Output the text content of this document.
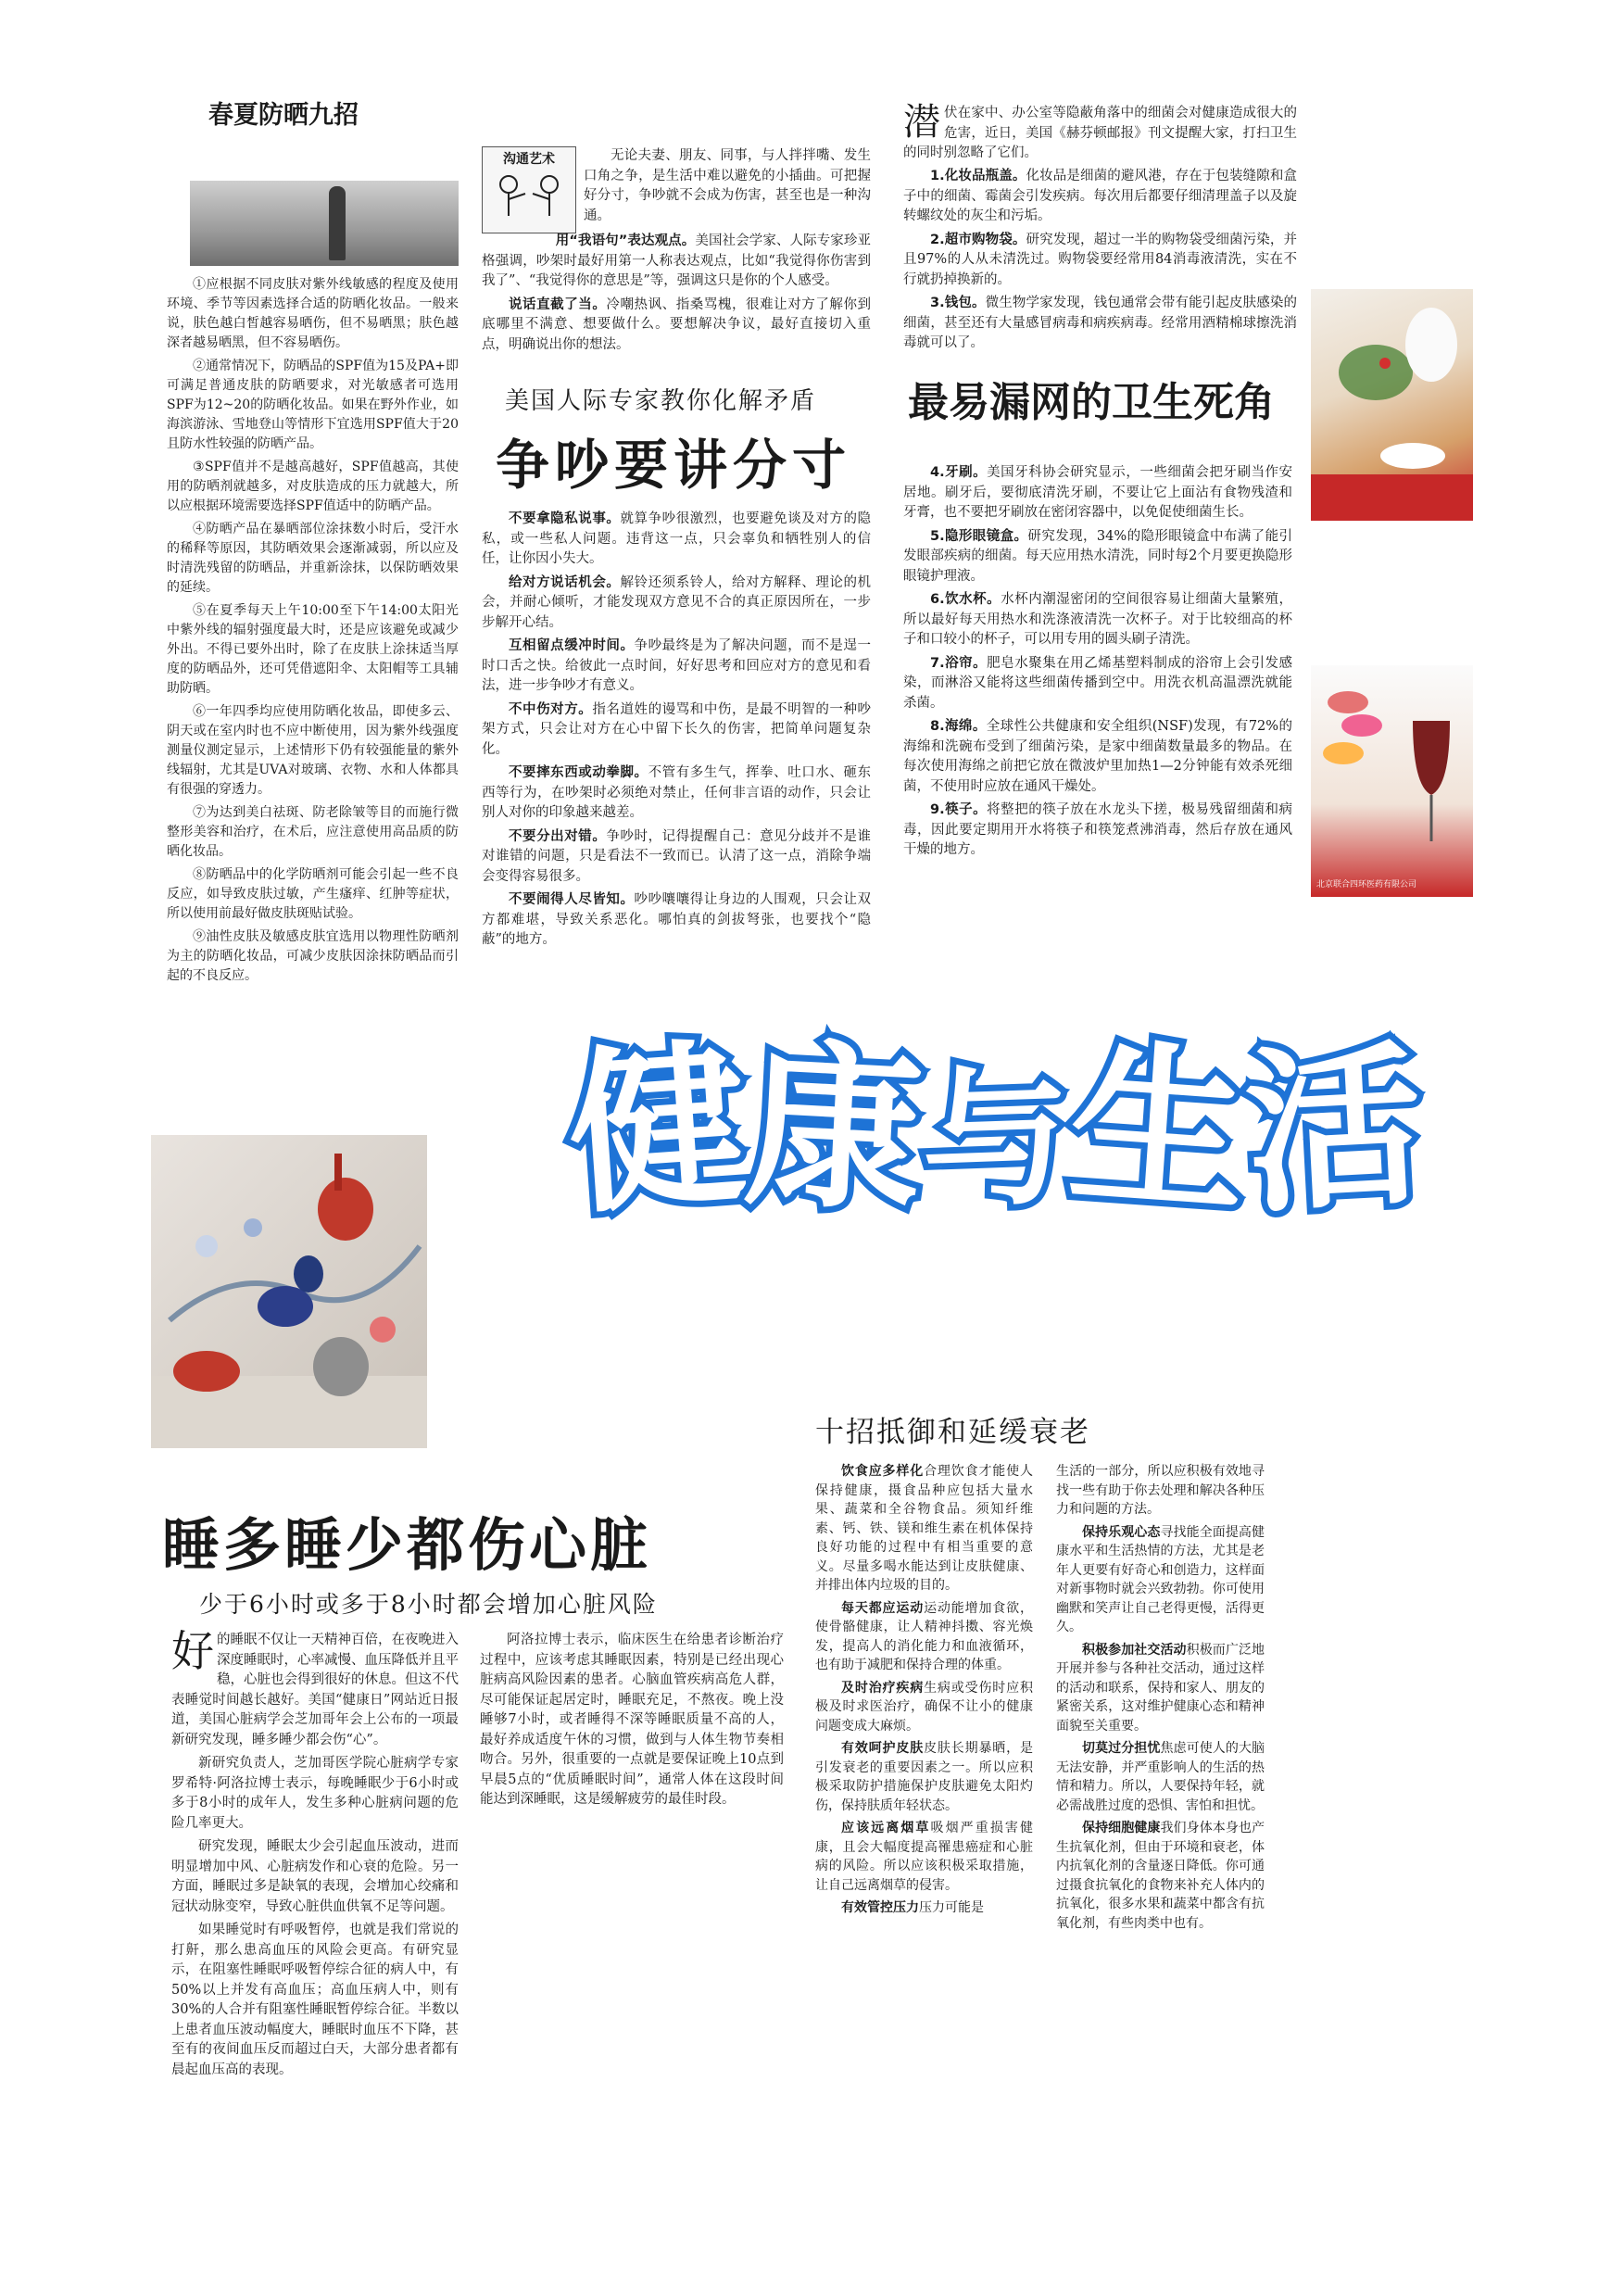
春夏防晒九招

①应根据不同皮肤对紫外线敏感的程度及使用环境、季节等因素选择合适的防晒化妆品。一般来说，肤色越白皙越容易晒伤，但不易晒黑；肤色越深者越易晒黑，但不容易晒伤。

②通常情况下，防晒品的SPF值为15及PA+即可满足普通皮肤的防晒要求，对光敏感者可选用SPF为12~20的防晒化妆品。如果在野外作业，如海滨游泳、雪地登山等情形下宜选用SPF值大于20且防水性较强的防晒产品。

③SPF值并不是越高越好，SPF值越高，其使用的防晒剂就越多，对皮肤造成的压力就越大，所以应根据环境需要选择SPF值适中的防晒产品。

④防晒产品在暴晒部位涂抹数小时后，受汗水的稀释等原因，其防晒效果会逐渐减弱，所以应及时清洗残留的防晒品，并重新涂抹，以保防晒效果的延续。

⑤在夏季每天上午10:00至下午14:00太阳光中紫外线的辐射强度最大时，还是应该避免或减少外出。不得已要外出时，除了在皮肤上涂抹适当厚度的防晒品外，还可凭借遮阳伞、太阳帽等工具辅助防晒。

⑥一年四季均应使用防晒化妆品，即使多云、阴天或在室内时也不应中断使用，因为紫外线强度测量仪测定显示，上述情形下仍有较强能量的紫外线辐射，尤其是UVA对玻璃、衣物、水和人体都具有很强的穿透力。

⑦为达到美白祛斑、防老除皱等目的而施行微整形美容和治疗，在术后，应注意使用高品质的防晒化妆品。

⑧防晒品中的化学防晒剂可能会引起一些不良反应，如导致皮肤过敏，产生瘙痒、红肿等症状，所以使用前最好做皮肤斑贴试验。

⑨油性皮肤及敏感皮肤宜选用以物理性防晒剂为主的防晒化妆品，可减少皮肤因涂抹防晒品而引起的不良反应。

沟通艺术	无论夫妻、朋友、同事，与人拌拌嘴、发生口角之争，是生活中难以避免的小插曲。可把握好分寸，争吵就不会成为伤害，甚至也是一种沟通。

用“我语句”表达观点。美国社会学家、人际专家珍亚格强调，吵架时最好用第一人称表达观点，比如“我觉得你伤害到我了”、“我觉得你的意思是”等，强调这只是你的个人感受。

说话直截了当。冷嘲热讽、指桑骂槐，很难让对方了解你到底哪里不满意、想要做什么。要想解决争议，最好直接切入重点，明确说出你的想法。

美国人际专家教你化解矛盾
争吵要讲分寸

不要拿隐私说事。就算争吵很激烈，也要避免谈及对方的隐私，或一些私人问题。违背这一点，只会辜负和牺牲别人的信任，让你因小失大。

给对方说话机会。解铃还须系铃人，给对方解释、理论的机会，并耐心倾听，才能发现双方意见不合的真正原因所在，一步步解开心结。

互相留点缓冲时间。争吵最终是为了解决问题，而不是逞一时口舌之快。给彼此一点时间，好好思考和回应对方的意见和看法，进一步争吵才有意义。

不中伤对方。指名道姓的谩骂和中伤，是最不明智的一种吵架方式，只会让对方在心中留下长久的伤害，把简单问题复杂化。

不要摔东西或动拳脚。不管有多生气，挥拳、吐口水、砸东西等行为，在吵架时必须绝对禁止，任何非言语的动作，只会让别人对你的印象越来越差。

不要分出对错。争吵时，记得提醒自己：意见分歧并不是谁对谁错的问题，只是看法不一致而已。认清了这一点，消除争端会变得容易很多。

不要闹得人尽皆知。吵吵嚷嚷得让身边的人围观，只会让双方都难堪，导致关系恶化。哪怕真的剑拔弩张，也要找个“隐蔽”的地方。

潜伏在家中、办公室等隐蔽角落中的细菌会对健康造成很大的危害，近日，美国《赫芬顿邮报》刊文提醒大家，打扫卫生的同时别忽略了它们。

1.化妆品瓶盖。化妆品是细菌的避风港，存在于包装缝隙和盒子中的细菌、霉菌会引发疾病。每次用后都要仔细清理盖子以及旋转螺纹处的灰尘和污垢。

2.超市购物袋。研究发现，超过一半的购物袋受细菌污染，并且97%的人从未清洗过。购物袋要经常用84消毒液清洗，实在不行就扔掉换新的。

3.钱包。微生物学家发现，钱包通常会带有能引起皮肤感染的细菌，甚至还有大量感冒病毒和病疾病毒。经常用酒精棉球擦洗消毒就可以了。

最易漏网的卫生死角

4.牙刷。美国牙科协会研究显示，一些细菌会把牙刷当作安居地。刷牙后，要彻底清洗牙刷，不要让它上面沾有食物残渣和牙膏，也不要把牙刷放在密闭容器中，以免促使细菌生长。

5.隐形眼镜盒。研究发现，34%的隐形眼镜盒中布满了能引发眼部疾病的细菌。每天应用热水清洗，同时每2个月要更换隐形眼镜护理液。

6.饮水杯。水杯内潮湿密闭的空间很容易让细菌大量繁殖，所以最好每天用热水和洗涤液清洗一次杯子。对于比较细高的杯子和口较小的杯子，可以用专用的圆头刷子清洗。

7.浴帘。肥皂水聚集在用乙烯基塑料制成的浴帘上会引发感染，而淋浴又能将这些细菌传播到空中。用洗衣机高温漂洗就能杀菌。

8.海绵。全球性公共健康和安全组织(NSF)发现，有72%的海绵和洗碗布受到了细菌污染，是家中细菌数量最多的物品。在每次使用海绵之前把它放在微波炉里加热1—2分钟能有效杀死细菌，不使用时应放在通风干燥处。

9.筷子。将整把的筷子放在水龙头下搓，极易残留细菌和病毒，因此要定期用开水将筷子和筷笼煮沸消毒，然后存放在通风干燥的地方。

北京联合四环医药有限公司
健康与生活
睡多睡少都伤心脏
少于6小时或多于8小时都会增加心脏风险

好的睡眠不仅让一天精神百倍，在夜晚进入深度睡眠时，心率减慢、血压降低并且平稳，心脏也会得到很好的休息。但这不代表睡觉时间越长越好。美国“健康日”网站近日报道，美国心脏病学会芝加哥年会上公布的一项最新研究发现，睡多睡少都会伤“心”。

新研究负责人，芝加哥医学院心脏病学专家罗希特·阿洛拉博士表示，每晚睡眠少于6小时或多于8小时的成年人，发生多种心脏病问题的危险几率更大。

研究发现，睡眠太少会引起血压波动，进而明显增加中风、心脏病发作和心衰的危险。另一方面，睡眠过多是缺氧的表现，会增加心绞痛和冠状动脉变窄，导致心脏供血供氧不足等问题。

如果睡觉时有呼吸暂停，也就是我们常说的打鼾，那么患高血压的风险会更高。有研究显示，在阻塞性睡眠呼吸暂停综合征的病人中，有50%以上并发有高血压；高血压病人中，则有30%的人合并有阻塞性睡眠暂停综合征。半数以上患者血压波动幅度大，睡眠时血压不下降，甚至有的夜间血压反而超过白天，大部分患者都有晨起血压高的表现。

阿洛拉博士表示，临床医生在给患者诊断治疗过程中，应该考虑其睡眠因素，特别是已经出现心脏病高风险因素的患者。心脑血管疾病高危人群，尽可能保证起居定时，睡眠充足，不熬夜。晚上没睡够7小时，或者睡得不深等睡眠质量不高的人，最好养成适度午休的习惯，做到与人体生物节奏相吻合。另外，很重要的一点就是要保证晚上10点到早晨5点的“优质睡眠时间”，通常人体在这段时间能达到深睡眠，这是缓解疲劳的最佳时段。

十招抵御和延缓衰老

饮食应多样化合理饮食才能使人保持健康，摄食品种应包括大量水果、蔬菜和全谷物食品。须知纤维素、钙、铁、镁和维生素在机体保持良好功能的过程中有相当重要的意义。尽量多喝水能达到让皮肤健康、并排出体内垃圾的目的。

每天都应运动运动能增加食欲，使骨骼健康，让人精神抖擞、容光焕发，提高人的消化能力和血液循环，也有助于减肥和保持合理的体重。

及时治疗疾病生病或受伤时应积极及时求医治疗，确保不让小的健康问题变成大麻烦。

有效呵护皮肤皮肤长期暴晒，是引发衰老的重要因素之一。所以应积极采取防护措施保护皮肤避免太阳灼伤，保持肤质年轻状态。

应该远离烟草吸烟严重损害健康，且会大幅度提高罹患癌症和心脏病的风险。所以应该积极采取措施，让自己远离烟草的侵害。

有效管控压力压力可能是

生活的一部分，所以应积极有效地寻找一些有助于你去处理和解决各种压力和问题的方法。

保持乐观心态寻找能全面提高健康水平和生活热情的方法，尤其是老年人更要有好奇心和创造力，这样面对新事物时就会兴致勃勃。你可使用幽默和笑声让自己老得更慢，活得更久。

积极参加社交活动积极而广泛地开展并参与各种社交活动，通过这样的活动和联系，保持和家人、朋友的紧密关系，这对维护健康心态和精神面貌至关重要。

切莫过分担忧焦虑可使人的大脑无法安静，并严重影响人的生活的热情和精力。所以，人要保持年轻，就必需战胜过度的恐惧、害怕和担忧。

保持细胞健康我们身体本身也产生抗氧化剂，但由于环境和衰老，体内抗氧化剂的含量逐日降低。你可通过摄食抗氧化的食物来补充人体内的抗氧化，很多水果和蔬菜中都含有抗氧化剂，有些肉类中也有。
